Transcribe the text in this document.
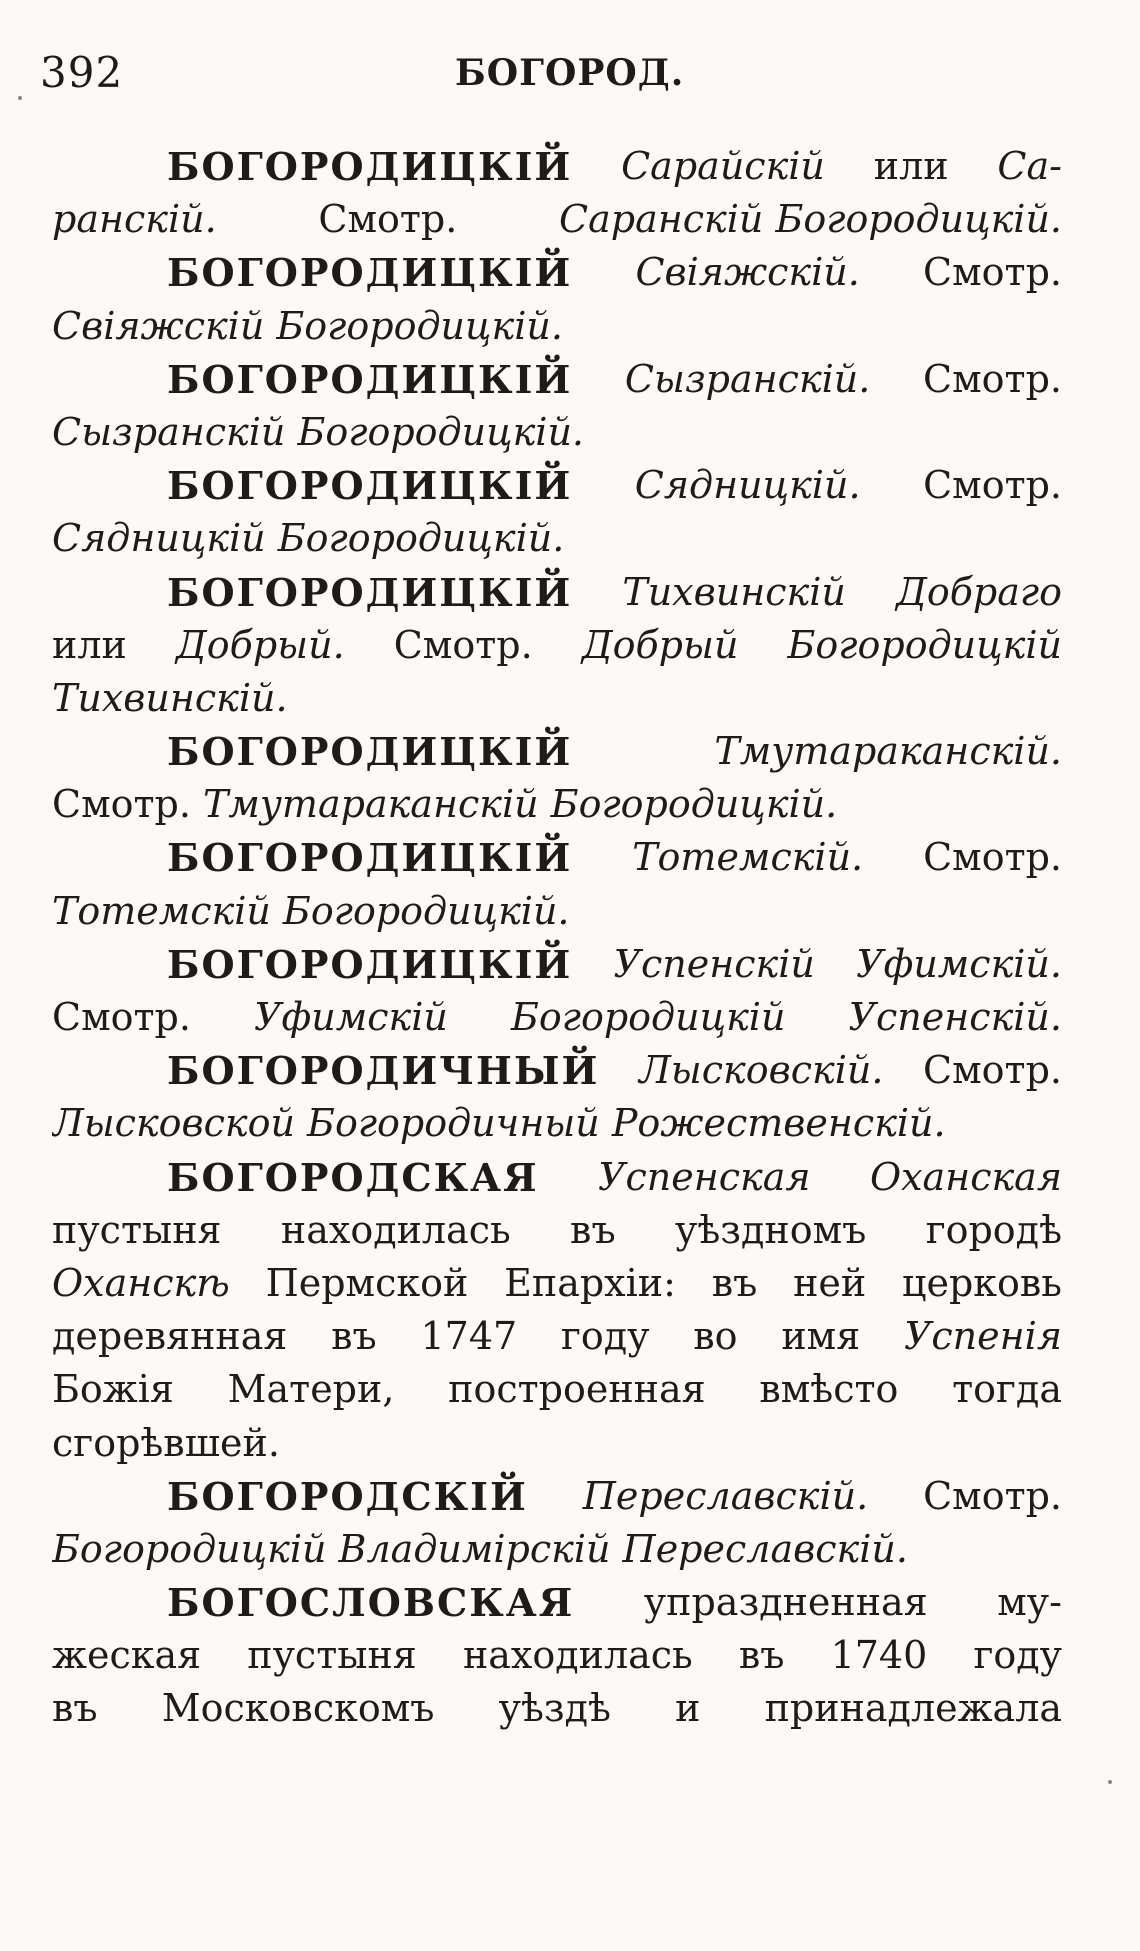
392	БОГОРОД.
БОГОРОДИЦКІЙ Сарайскій или Са-
ранскій.	Смотр.	Саранскій Богородицкій.
БОГОРОДИЦКІЙ Свіяжскій. Смотр.
Свіяжскій Богородицкій.
БОГОРОДИЦКІЙ Сызранскій. Смотр.
Сызранскій Богородицкій.
БОГОРОДИЦКІЙ Сядницкій. Смотр.
Сядницкій Богородицкій.
БОГОРОДИЦКІЙ Тихвинскій Добраго
или Добрый. Смотр. Добрый Богородицкій
Тихвинскій.
БОГОРОДИЦКІЙ	Тмутараканскій.
Смотр. Тмутараканскій Богородицкій.
БОГОРОДИЦКІЙ Тотемскій. Смотр.
Тотемскій Богородицкій.
БОГОРОДИЦКІЙ Успенскій Уфимскій.
Смотр. Уфимскій Богородицкій Успенскій.
БОГОРОДИЧНЫЙ Лысковскій. Смотр.
Лысковской Богородичный Рожественскій.
БОГОРОДСКАЯ Успенская Оханская
пустыня находилась въ уѣздномъ городѣ
Оханскѣ Пермской Епархіи: въ ней церковь
деревянная въ 1747 году во имя Успенія
Божія Матери, построенная вмѣсто тогда
сгорѣвшей.
БОГОРОДСКІЙ Переславскій. Смотр.
Богородицкій Владимірскій Переславскій.
БОГОСЛОВСКАЯ упраздненная му-
жеская пустыня находилась въ 1740 году
въ Московскомъ уѣздѣ и принадлежала
